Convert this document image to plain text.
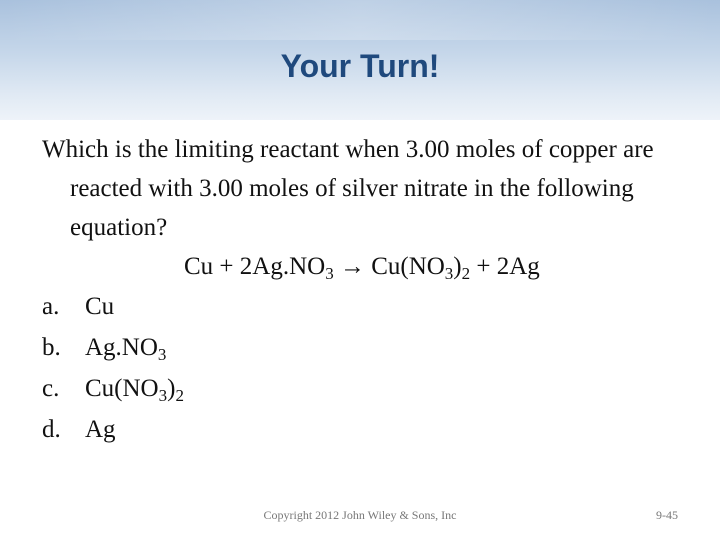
Your Turn!

Which is the limiting reactant when 3.00 moles of copper are reacted with 3.00 moles of silver nitrate in the following equation?

$Cu + 2Ag.NO_3 \to Cu(NO_3)_2 + 2Ag$

a. Cu
b. $Ag.NO_3$
c. $Cu(NO_3)_2$
d. Ag
Copyright 2012 John Wiley & Sons, Inc	9-45
